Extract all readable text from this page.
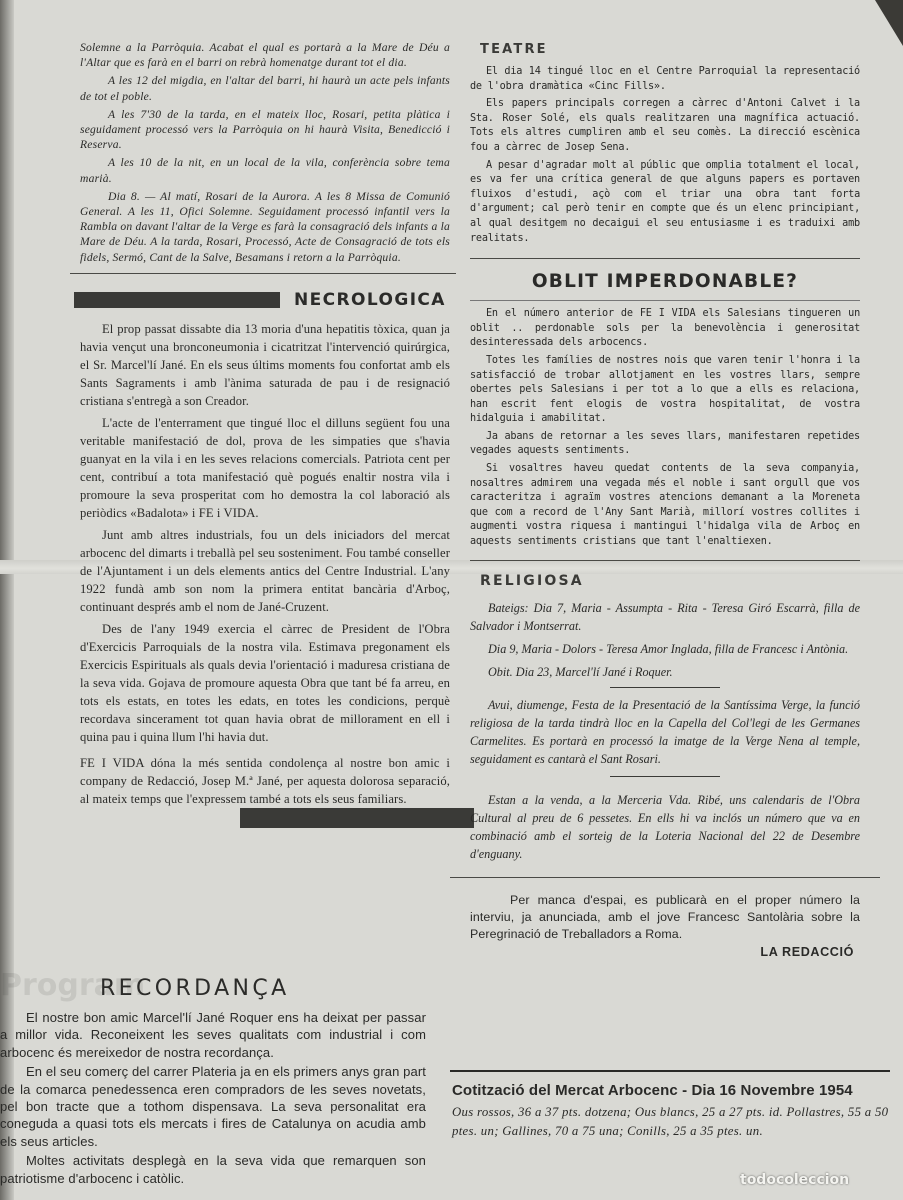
Program

Solemne a la Parròquia. Acabat el qual es portarà a la Mare de Déu a l'Altar que es farà en el barri on rebrà homenatge durant tot el dia.

A les 12 del migdia, en l'altar del barri, hi haurà un acte pels infants de tot el poble.

A les 7'30 de la tarda, en el mateix lloc, Rosari, petita plàtica i seguidament processó vers la Parròquia on hi haurà Visita, Benedicció i Reserva.

A les 10 de la nit, en un local de la vila, conferència sobre tema marià.

Dia 8. — Al matí, Rosari de la Aurora. A les 8 Missa de Comunió General. A les 11, Ofici Solemne. Seguidament processó infantil vers la Rambla on davant l'altar de la Verge es farà la consagració dels infants a la Mare de Déu. A la tarda, Rosari, Processó, Acte de Consagració de tots els fidels, Sermó, Cant de la Salve, Besamans i retorn a la Parròquia.

NECROLOGICA

El prop passat dissabte dia 13 moria d'una hepatitis tòxica, quan ja havia vençut una bronconeumonia i cicatritzat l'intervenció quirúrgica, el Sr. Marcel'lí Jané. En els seus últims moments fou confortat amb els Sants Sagraments i amb l'ànima saturada de pau i de resignació cristiana s'entregà a son Creador.

L'acte de l'enterrament que tingué lloc el dilluns següent fou una veritable manifestació de dol, prova de les simpaties que s'havia guanyat en la vila i en les seves relacions comercials. Patriota cent per cent, contribuí a tota manifestació què pogués enaltir nostra vila i promoure la seva prosperitat com ho demostra la col laboració als periòdics «Badalota» i FE i VIDA.

Junt amb altres industrials, fou un dels iniciadors del mercat arbocenc del dimarts i treballà pel seu sosteniment. Fou també conseller de l'Ajuntament i un dels elements antics del Centre Industrial. L'any 1922 fundà amb son nom la primera entitat bancària d'Arboç, continuant després amb el nom de Jané-Cruzent.

Des de l'any 1949 exercia el càrrec de President de l'Obra d'Exercicis Parroquials de la nostra vila. Estimava pregonament els Exercicis Espirituals als quals devia l'orientació i maduresa cristiana de la seva vida. Gojava de promoure aquesta Obra que tant bé fa arreu, en tots els estats, en totes les edats, en totes les condicions, perquè recordava sincerament tot quan havia obrat de millorament en ell i quina pau i quina llum l'hi havia dut.

FE I VIDA dóna la més sentida condolença al nostre bon amic i company de Redacció, Josep M.ª Jané, per aquesta dolorosa separació, al mateix temps que l'expressem també a tots els seus familiars.

TEATRE

El dia 14 tingué lloc en el Centre Parroquial la representació de l'obra dramàtica «Cinc Fills».

Els papers principals corregen a càrrec d'Antoni Calvet i la Sta. Roser Solé, els quals realitzaren una magnífica actuació. Tots els altres cumpliren amb el seu comès. La direcció escènica fou a càrrec de Josep Sena.

A pesar d'agradar molt al públic que omplia totalment el local, es va fer una crítica general de que alguns papers es portaven fluixos d'estudi, açò com el triar una obra tant forta d'argument; cal però tenir en compte que és un elenc principiant, al qual desitgem no decaigui el seu entusiasme i es traduixi amb realitats.

OBLIT IMPERDONABLE?

En el número anterior de FE I VIDA els Salesians tingueren un oblit .. perdonable sols per la benevolència i generositat desinteressada dels arbocencs.

Totes les famílies de nostres nois que varen tenir l'honra i la satisfacció de trobar allotjament en les vostres llars, sempre obertes pels Salesians i per tot a lo que a ells es relaciona, han escrit fent elogis de vostra hospitalitat, de vostra hidalguia i amabilitat.

Ja abans de retornar a les seves llars, manifestaren repetides vegades aquests sentiments.

Si vosaltres haveu quedat contents de la seva companyia, nosaltres admirem una vegada més el noble i sant orgull que vos caracteritza i agraïm vostres atencions demanant a la Moreneta que com a record de l'Any Sant Marià, millorí vostres collites i augmenti vostra riquesa i mantingui l'hidalga vila de Arboç en aquests sentiments cristians que tant l'enaltiexen.

RELIGIOSA

Bateigs: Dia 7, Maria - Assumpta - Rita - Teresa Giró Escarrà, filla de Salvador i Montserrat.

Dia 9, Maria - Dolors - Teresa Amor Inglada, filla de Francesc i Antònia.

Obit. Dia 23, Marcel'lí Jané i Roquer.

Avui, diumenge, Festa de la Presentació de la Santíssima Verge, la funció religiosa de la tarda tindrà lloc en la Capella del Col'legi de les Germanes Carmelites. Es portarà en processó la imatge de la Verge Nena al temple, seguidament es cantarà el Sant Rosari.

Estan a la venda, a la Merceria Vda. Ribé, uns calendaris de l'Obra Cultural al preu de 6 pessetes. En ells hi va inclós un número que va en combinació amb el sorteig de la Loteria Nacional del 22 de Desembre d'enguany.

Per manca d'espai, es publicarà en el proper número la interviu, ja anunciada, amb el jove Francesc Santolària sobre la Peregrinació de Treballadors a Roma.

LA REDACCIÓ
RECORDANÇA

El nostre bon amic Marcel'lí Jané Roquer ens ha deixat per passar a millor vida. Reconeixent les seves qualitats com industrial i com arbocenc és mereixedor de nostra recordança.

En el seu comerç del carrer Plateria ja en els primers anys gran part de la comarca penedessenca eren compradors de les seves novetats, pel bon tracte que a tothom dispensava. La seva personalitat era coneguda a quasi tots els mercats i fires de Catalunya on acudia amb els seus articles.

Moltes activitats desplegà en la seva vida que remarquen son patriotisme d'arbocenc i catòlic.

Cotització del Mercat Arbocenc - Dia 16 Novembre 1954
Ous rossos, 36 a 37 pts. dotzena; Ous blancs, 25 a 27 pts. id. Pollastres, 55 a 50 ptes. un; Gallines, 70 a 75 una; Conills, 25 a 35 ptes. un.
todocoleccion
